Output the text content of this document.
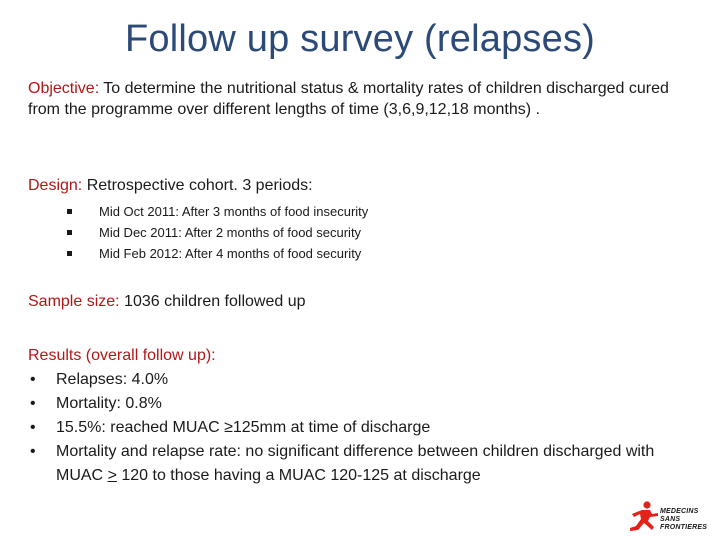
Follow up survey (relapses)
Objective: To determine the nutritional status & mortality rates of children discharged cured from the programme over different lengths of time (3,6,9,12,18 months) .
Design: Retrospective cohort. 3 periods:
Mid Oct 2011: After 3 months of food insecurity
Mid Dec 2011: After 2 months of food security
Mid Feb 2012: After 4 months of food security
Sample size: 1036 children followed up
Results (overall follow up):
• Relapses: 4.0%
• Mortality: 0.8%
• 15.5%: reached MUAC ≥125mm at time of discharge
• Mortality and relapse rate: no significant difference between children discharged with MUAC ≥ 120 to those having a MUAC 120-125 at discharge
MEDECINS
SANS FRONTIERES
